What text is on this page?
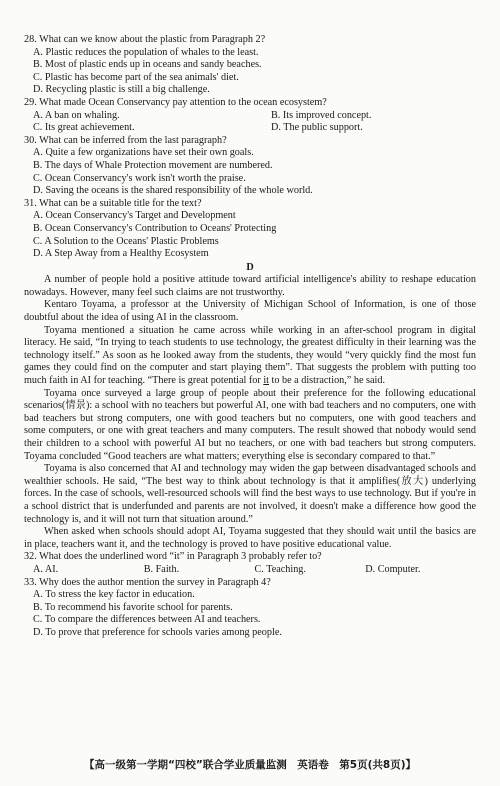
28. What can we know about the plastic from Paragraph 2?

A. Plastic reduces the population of whales to the least.

B. Most of plastic ends up in oceans and sandy beaches.

C. Plastic has become part of the sea animals' diet.

D. Recycling plastic is still a big challenge.

29. What made Ocean Conservancy pay attention to the ocean ecosystem?

A. A ban on whaling.	B. Its improved concept.
C. Its great achievement.	D. The public support.

30. What can be inferred from the last paragraph?

A. Quite a few organizations have set their own goals.

B. The days of Whale Protection movement are numbered.

C. Ocean Conservancy's work isn't worth the praise.

D. Saving the oceans is the shared responsibility of the whole world.

31. What can be a suitable title for the text?

A. Ocean Conservancy's Target and Development

B. Ocean Conservancy's Contribution to Oceans' Protecting

C. A Solution to the Oceans' Plastic Problems

D. A Step Away from a Healthy Ecosystem

D

A number of people hold a positive attitude toward artificial intelligence's ability to reshape education nowadays. However, many feel such claims are not trustworthy.

Kentaro Toyama, a professor at the University of Michigan School of Information, is one of those doubtful about the idea of using AI in the classroom.

Toyama mentioned a situation he came across while working in an after-school program in digital literacy. He said, “In trying to teach students to use technology, the greatest difficulty in their learning was the technology itself.” As soon as he looked away from the students, they would “very quickly find the most fun games they could find on the computer and start playing them”. That suggests the problem with putting too much faith in AI for teaching. “There is great potential for it to be a distraction,” he said.

Toyama once surveyed a large group of people about their preference for the following educational scenarios(情景): a school with no teachers but powerful AI, one with bad teachers and no computers, one with bad teachers but strong computers, one with good teachers but no computers, one with good teachers and some computers, or one with great teachers and many computers. The result showed that nobody would send their children to a school with powerful AI but no teachers, or one with bad teachers but strong computers. Toyama concluded “Good teachers are what matters; everything else is secondary compared to that.”

Toyama is also concerned that AI and technology may widen the gap between disadvantaged schools and wealthier schools. He said, “The best way to think about technology is that it amplifies(放大) underlying forces. In the case of schools, well-resourced schools will find the best ways to use technology. But if you're in a school district that is underfunded and parents are not involved, it doesn't make a difference how good the technology is, and it will not turn that situation around.”

When asked when schools should adopt AI, Toyama suggested that they should wait until the basics are in place, teachers want it, and the technology is proved to have positive educational value.

32. What does the underlined word “it” in Paragraph 3 probably refer to?

A. AI.	B. Faith.	C. Teaching.	D. Computer.

33. Why does the author mention the survey in Paragraph 4?

A. To stress the key factor in education.

B. To recommend his favorite school for parents.

C. To compare the differences between AI and teachers.

D. To prove that preference for schools varies among people.

【高一级第一学期“四校”联合学业质量监测　英语卷　第5页(共8页)】
